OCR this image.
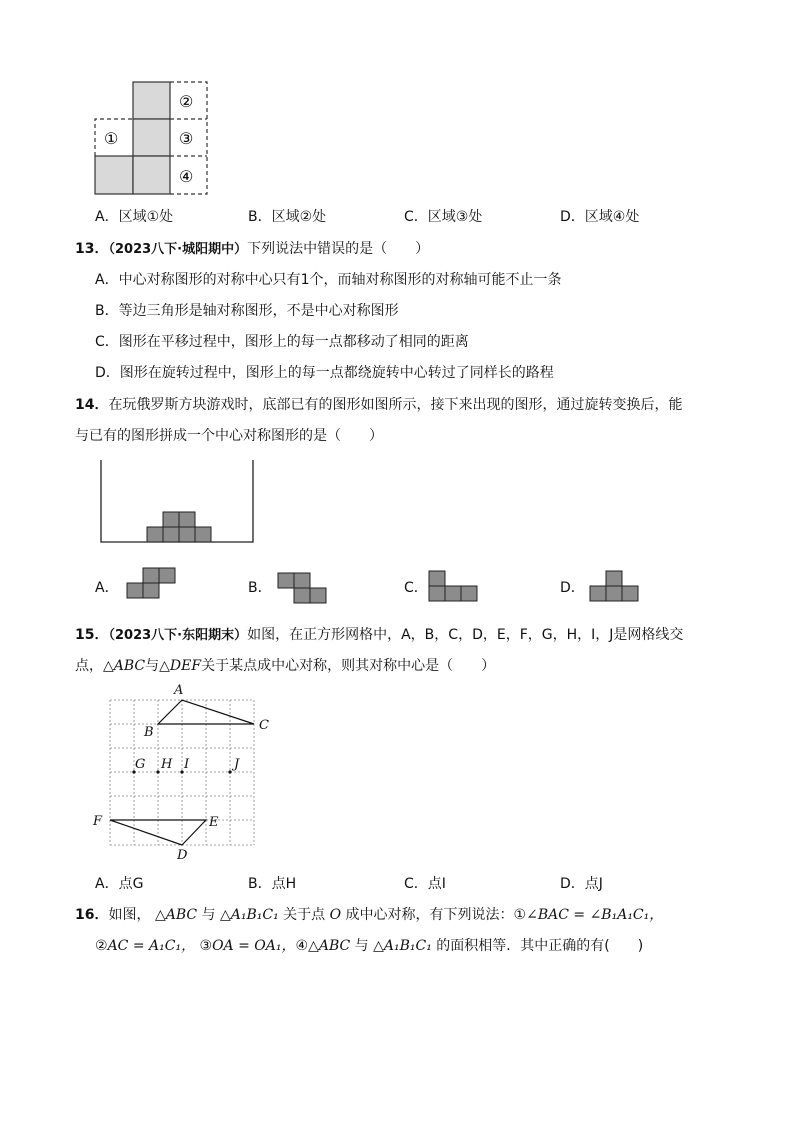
①
②
③
④
A．区域①处	B．区域②处	C．区域③处	D．区域④处
13．（2023八下·城阳期中）下列说法中错误的是（　　）
A．中心对称图形的对称中心只有1个，而轴对称图形的对称轴可能不止一条
B．等边三角形是轴对称图形，不是中心对称图形
C．图形在平移过程中，图形上的每一点都移动了相同的距离
D．图形在旋转过程中，图形上的每一点都绕旋转中心转过了同样长的路程
14．在玩俄罗斯方块游戏时，底部已有的图形如图所示，接下来出现的图形，通过旋转变换后，能
与已有的图形拼成一个中心对称图形的是（　　）
A．	B．	C．	D．
15．（2023八下·东阳期末）如图，在正方形网格中，A，B，C，D，E，F，G，H，I，J是网格线交
点，△ABC与△DEF关于某点成中心对称，则其对称中心是（　　）
A
B	C
G H I	J
F	E
D
A．点G	B．点H	C．点I	D．点J
16．如图， △ABC 与 △A₁B₁C₁ 关于点 O 成中心对称，有下列说法：①∠BAC = ∠B₁A₁C₁，
②AC = A₁C₁， ③OA = OA₁，④△ABC 与 △A₁B₁C₁ 的面积相等．其中正确的有(　　)
